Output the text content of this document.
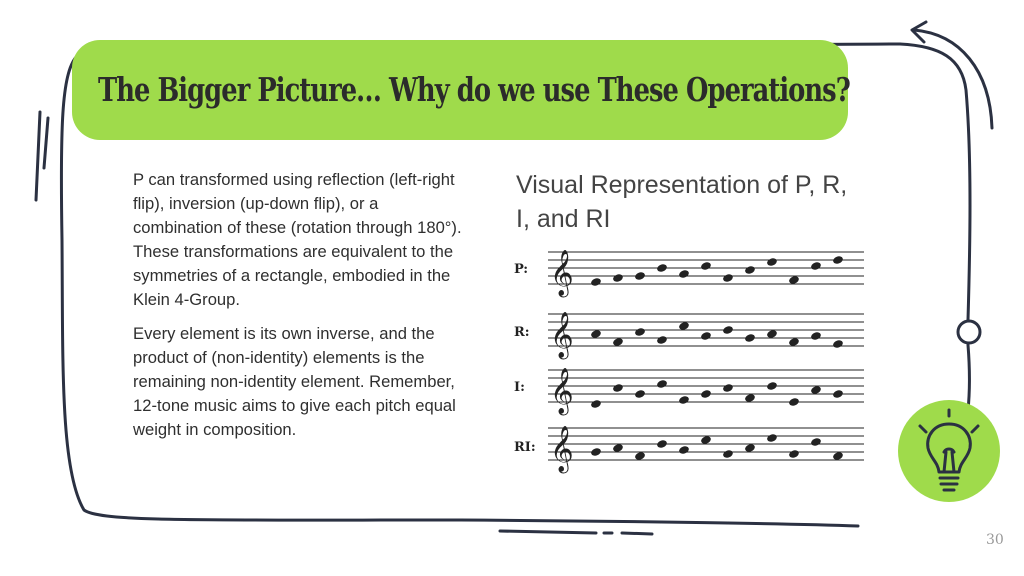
The Bigger Picture… Why do we use These Operations?

P can transformed using reflection (left-right flip), inversion (up-down flip), or a combination of these (rotation through 180°). These transformations are equivalent to the symmetries of a rectangle, embodied in the Klein 4-Group.

Every element is its own inverse, and the product of (non-identity) elements is the remaining non-identity element. Remember, 12-tone music aims to give each pitch equal weight in composition.

Visual Representation of P, R, I, and RI
P:
R:
I:
RI:
𝄞
𝄞
𝄞
𝄞
30
